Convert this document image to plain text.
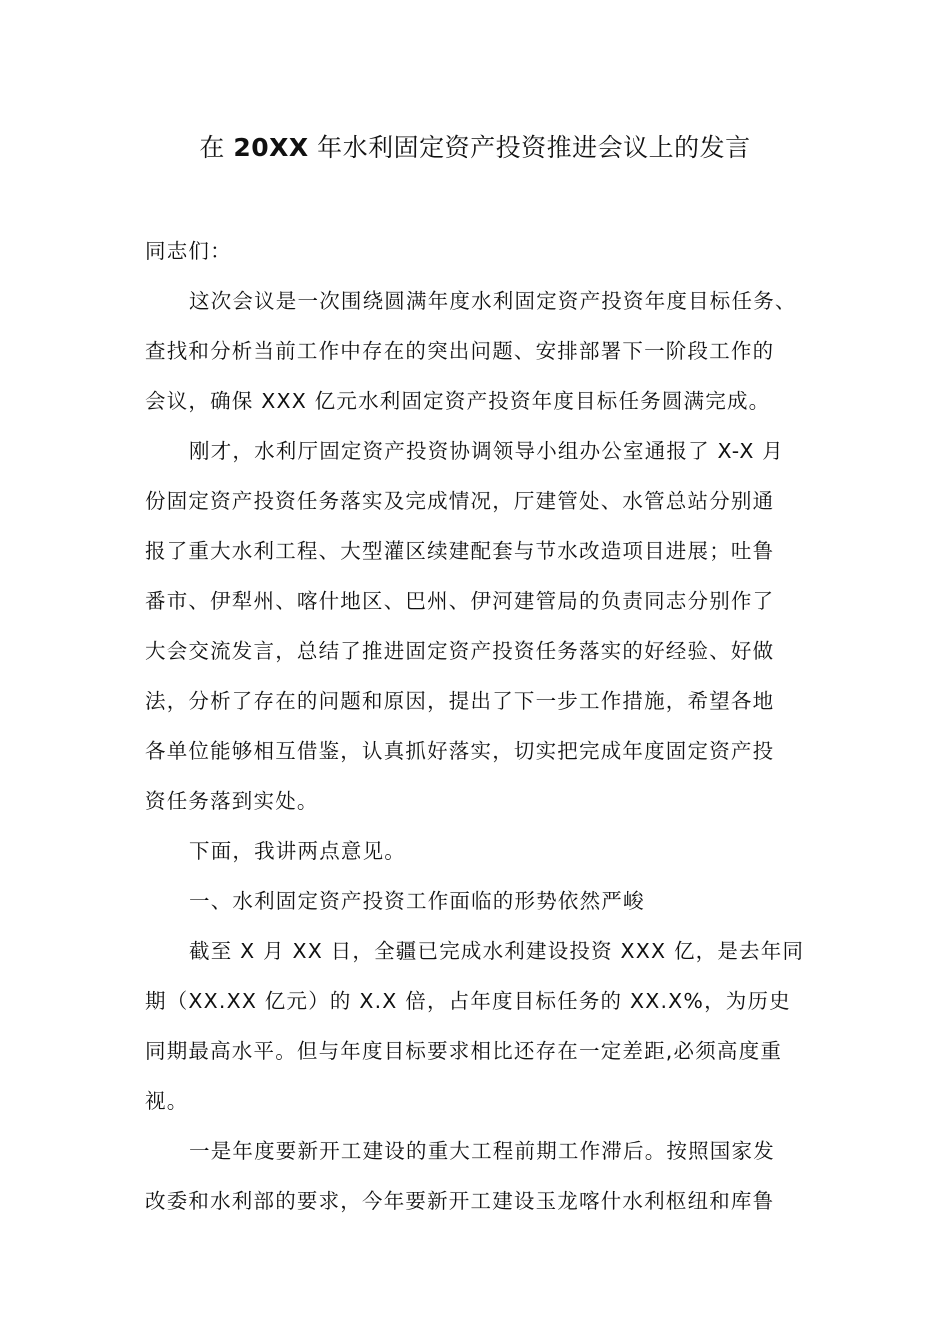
在 20XX 年水利固定资产投资推进会议上的发言

同志们：

这次会议是一次围绕圆满年度水利固定资产投资年度目标任务、
查找和分析当前工作中存在的突出问题、安排部署下一阶段工作的
会议，确保 XXX 亿元水利固定资产投资年度目标任务圆满完成。

刚才，水利厅固定资产投资协调领导小组办公室通报了 X-X 月
份固定资产投资任务落实及完成情况，厅建管处、水管总站分别通
报了重大水利工程、大型灌区续建配套与节水改造项目进展；吐鲁
番市、伊犁州、喀什地区、巴州、伊河建管局的负责同志分别作了
大会交流发言，总结了推进固定资产投资任务落实的好经验、好做
法，分析了存在的问题和原因，提出了下一步工作措施，希望各地
各单位能够相互借鉴，认真抓好落实，切实把完成年度固定资产投
资任务落到实处。

下面，我讲两点意见。

一、水利固定资产投资工作面临的形势依然严峻

截至 X 月 XX 日，全疆已完成水利建设投资 XXX 亿，是去年同
期（XX.XX 亿元）的 X.X 倍，占年度目标任务的 XX.X%，为历史
同期最高水平。但与年度目标要求相比还存在一定差距,必须高度重
视。

一是年度要新开工建设的重大工程前期工作滞后。按照国家发
改委和水利部的要求，今年要新开工建设玉龙喀什水利枢纽和库鲁
